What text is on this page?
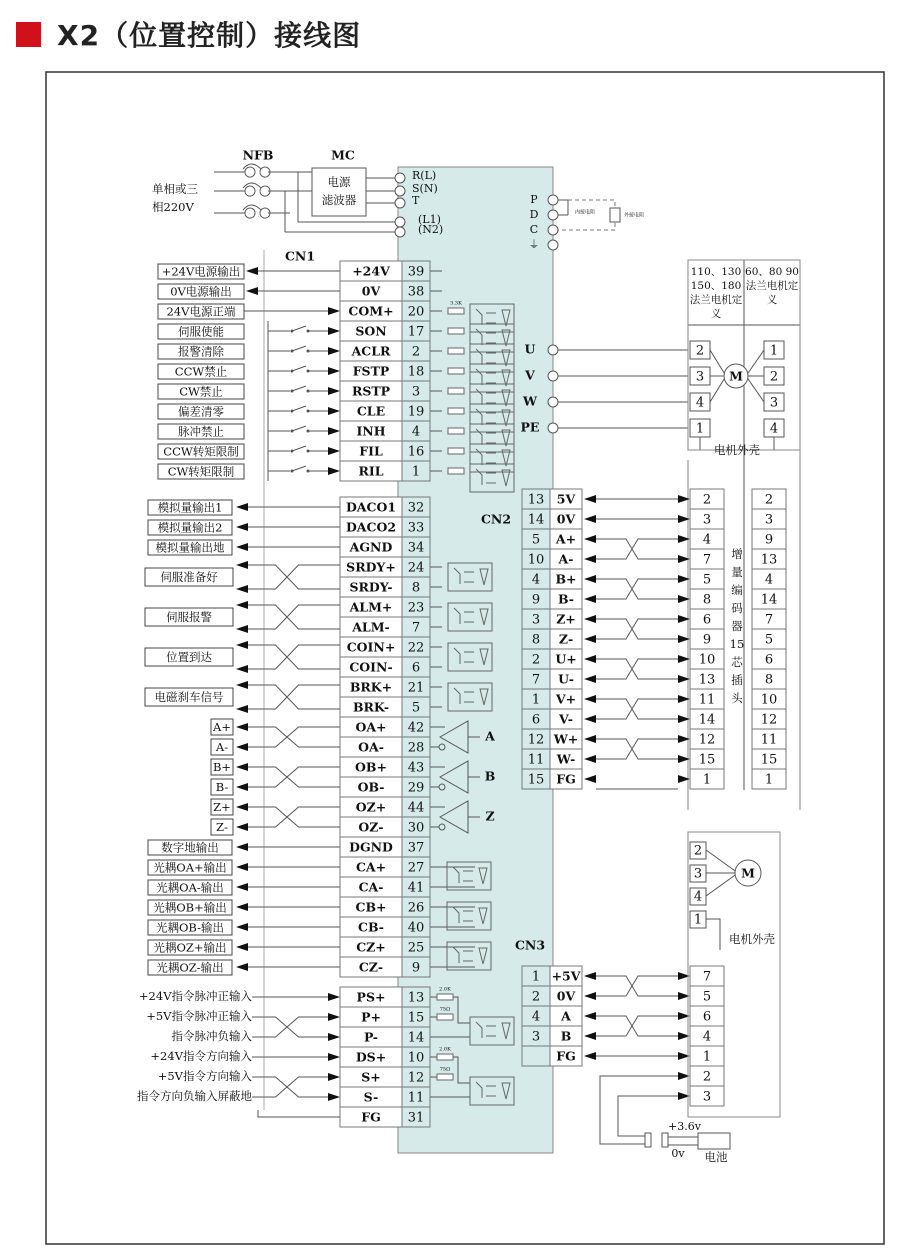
X2（位置控制）接线图
NFB	MC
单相或三
相220V
电源
滤波器
R(L)
S(N)
T
(L1)
(N2)
P
D
C
⏚
内接电阻	外接电阻
CN1
+24V 39
+24V电源输出
0V 38
0V电源输出
COM+ 20
24V电源正端
3.3K
SON 17
伺服使能
ACLR 2
报警清除
FSTP 18
CCW禁止
RSTP 3
CW禁止
CLE 19
偏差清零
INH 4
脉冲禁止
FIL 16
CCW转矩限制
RIL 1
CW转矩限制
DACO1 32
模拟量输出1
DACO2 33
模拟量输出2
AGND 34
模拟量输出地
SRDY+ 24
SRDY- 8
伺服准备好
ALM+ 23
ALM- 7
伺服报警
COIN+ 22
COIN- 6
位置到达
BRK+ 21
BRK- 5
电磁刹车信号
OA+ 42
OA- 28
A+
A-
A
OB+ 43
OB- 29
B+
B-
B
OZ+ 44
OZ- 30
Z+
Z-
Z
DGND 37
数字地输出
CA+ 27
光耦OA+输出
CA- 41
光耦OA-输出
CB+ 26
光耦OB+输出
CB- 40
光耦OB-输出
CZ+ 25
光耦OZ+输出
CZ- 9
光耦OZ-输出
PS+ 13
+24V指令脉冲正输入
P+ 15
+5V指令脉冲正输入
P- 14
指令脉冲负输入
DS+ 10
+24V指令方向输入
S+ 12
+5V指令方向输入
S- 11
指令方向负输入屏蔽地
FG 31
2.0K
75Ω
2.0K
75Ω
U
V
W
PE
M
2
3
4
1
1
2
3
4
电机外壳
CN2
13 5V	2	2
14 0V	3	3
5 A+	4	9
10 A-	7	13
4 B+	5	4
9 B-	8	14
3 Z+	6	7
8 Z-	9	5
2 U+	10	6
7 U-	13	8
1 V+	11	10
6 V-	14	12
12 W+	12	11
11 W-	15	15
15 FG	1	1
增
量
编
码
器
15
芯
插
头
CN3
1 +5V	7
2 0V	5
4 A	6
3 B	4
FG	1
2
3
+3.6v
0v 电池
2
3
4
1
M
电机外壳
110、130 150、180 法兰电机定义
60、80 90法兰电机定义
